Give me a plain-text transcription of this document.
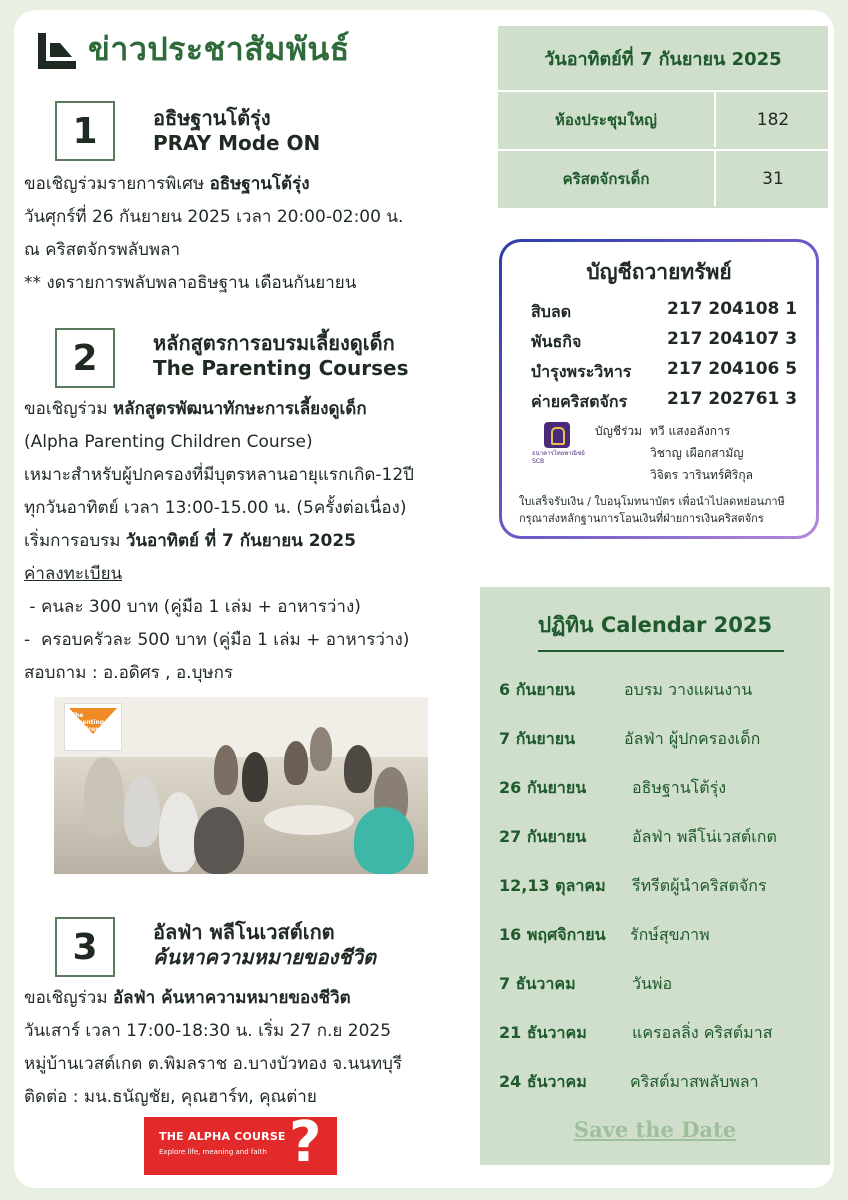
ข่าวประชาสัมพันธ์
1	อธิษฐานโต้รุ่ง
PRAY Mode ON
ขอเชิญร่วมรายการพิเศษ อธิษฐานโต้รุ่ง
วันศุกร์ที่ 26 กันยายน 2025 เวลา 20:00-02:00 น.
ณ คริสตจักรพลับพลา
** งดรายการพลับพลาอธิษฐาน เดือนกันยายน
2	หลักสูตรการอบรมเลี้ยงดูเด็ก
The Parenting Courses
ขอเชิญร่วม หลักสูตรพัฒนาทักษะการเลี้ยงดูเด็ก
(Alpha Parenting Children Course)
เหมาะสำหรับผู้ปกครองที่มีบุตรหลานอายุแรกเกิด-12ปี
ทุกวันอาทิตย์ เวลา 13:00-15.00 น. (5ครั้งต่อเนื่อง)
เริ่มการอบรม วันอาทิตย์ ที่ 7 กันยายน 2025
ค่าลงทะเบียน
- คนละ 300 บาท (คู่มือ 1 เล่ม + อาหารว่าง)
-  ครอบครัวละ 500 บาท (คู่มือ 1 เล่ม + อาหารว่าง)
สอบถาม : อ.อดิศร , อ.บุษกร
The Parenting Children Course
3	อัลฟ่า พลีโนเวสต์เกต
ค้นหาความหมายของชีวิต
ขอเชิญร่วม อัลฟ่า ค้นหาความหมายของชีวิต
วันเสาร์ เวลา 17:00-18:30 น. เริ่ม 27 ก.ย 2025
หมู่บ้านเวสต์เกต ต.พิมลราช อ.บางบัวทอง จ.นนทบุรี
ติดต่อ : มน.ธนัญชัย, คุณฮาร์ท, คุณต่าย
THE ALPHA COURSE
Explore life, meaning and faith ?
วันอาทิตย์ที่ 7 กันยายน 2025
ห้องประชุมใหญ่	182
คริสตจักรเด็ก	31
บัญชีถวายทรัพย์
สิบลด	217 204108 1
พันธกิจ	217 204107 3
บำรุงพระวิหาร 217 204106 5
ค่ายคริสตจักร 217 202761 3
ธนาคารไทยพาณิชย์ SCB
บัญชีร่วม ทวี แสงอลังการ
วิชาญ เผือกสามัญ
วิจิตร วารินทร์ศิริกุล
ใบเสร็จรับเงิน / ใบอนุโมทนาบัตร เพื่อนำไปลดหย่อนภาษี
กรุณาส่งหลักฐานการโอนเงินที่ฝ่ายการเงินคริสตจักร
ปฏิทิน Calendar 2025
6 กันยายน	อบรม วางแผนงาน
7 กันยายน	อัลฟ่า ผู้ปกครองเด็ก
26 กันยายน	อธิษฐานโต้รุ่ง
27 กันยายน	อัลฟ่า พลีโน่เวสต์เกต
12,13 ตุลาคม รีทรีตผู้นำคริสตจักร
16 พฤศจิกายน รักษ์สุขภาพ
7 ธันวาคม	วันพ่อ
21 ธันวาคม	แครอลลิ่ง คริสต์มาส
24 ธันวาคม	คริสต์มาสพลับพลา
Save the Date
